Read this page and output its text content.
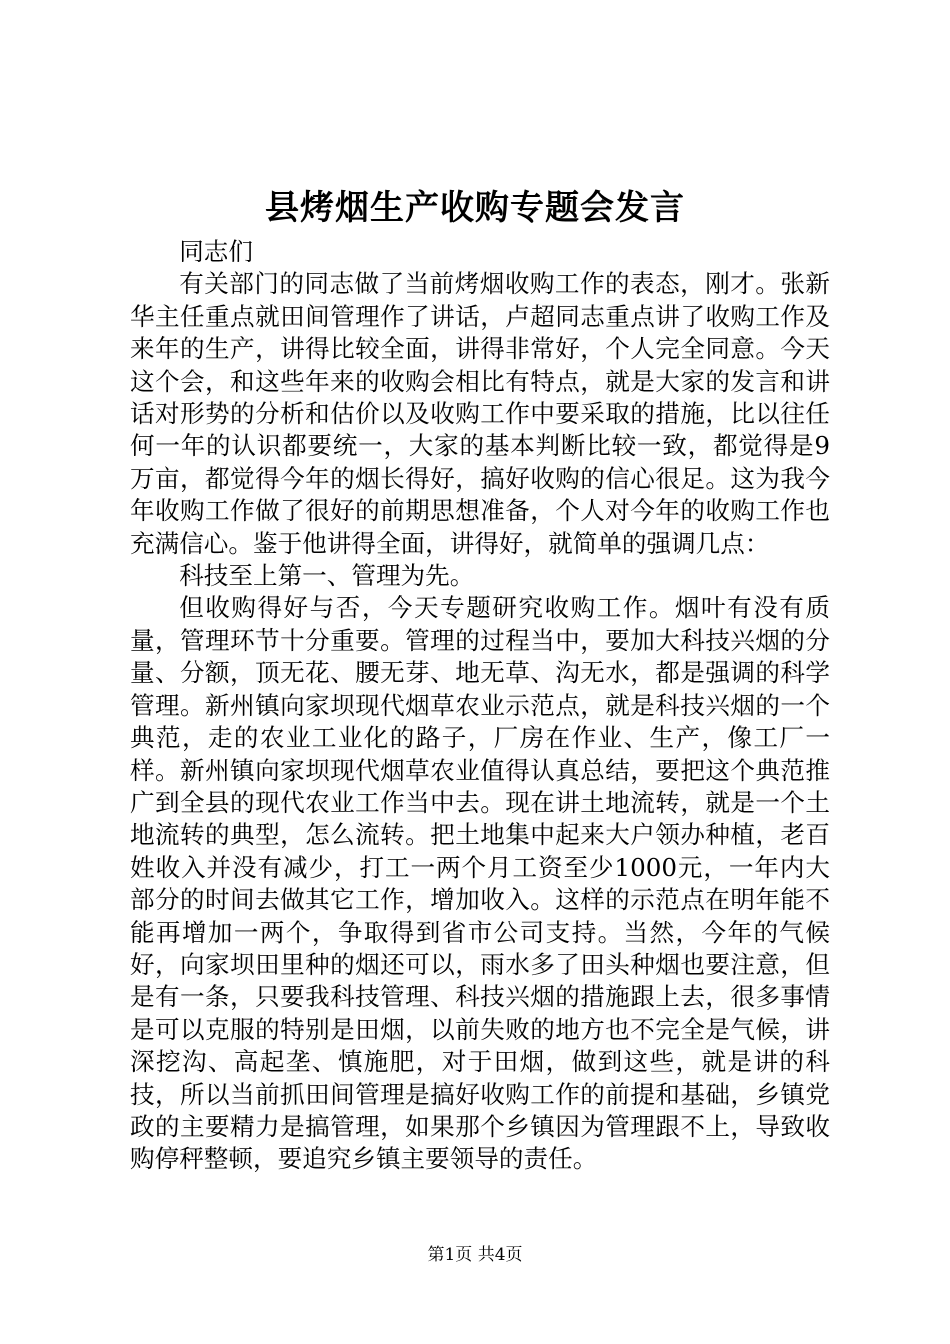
县烤烟生产收购专题会发言

同志们

有关部门的同志做了当前烤烟收购工作的表态，刚才。张新华主任重点就田间管理作了讲话，卢超同志重点讲了收购工作及来年的生产，讲得比较全面，讲得非常好，个人完全同意。今天这个会，和这些年来的收购会相比有特点，就是大家的发言和讲话对形势的分析和估价以及收购工作中要采取的措施，比以往任何一年的认识都要统一，大家的基本判断比较一致，都觉得是9万亩，都觉得今年的烟长得好，搞好收购的信心很足。这为我今年收购工作做了很好的前期思想准备，个人对今年的收购工作也充满信心。鉴于他讲得全面，讲得好，就简单的强调几点：

科技至上第一、管理为先。

但收购得好与否，今天专题研究收购工作。烟叶有没有质量，管理环节十分重要。管理的过程当中，要加大科技兴烟的分量、分额，顶无花、腰无芽、地无草、沟无水，都是强调的科学管理。新州镇向家坝现代烟草农业示范点，就是科技兴烟的一个典范，走的农业工业化的路子，厂房在作业、生产，像工厂一样。新州镇向家坝现代烟草农业值得认真总结，要把这个典范推广到全县的现代农业工作当中去。现在讲土地流转，就是一个土地流转的典型，怎么流转。把土地集中起来大户领办种植，老百姓收入并没有减少，打工一两个月工资至少1000元，一年内大部分的时间去做其它工作，增加收入。这样的示范点在明年能不能再增加一两个，争取得到省市公司支持。当然，今年的气候好，向家坝田里种的烟还可以，雨水多了田头种烟也要注意，但是有一条，只要我科技管理、科技兴烟的措施跟上去，很多事情是可以克服的特别是田烟，以前失败的地方也不完全是气候，讲深挖沟、高起垄、慎施肥，对于田烟，做到这些，就是讲的科技，所以当前抓田间管理是搞好收购工作的前提和基础，乡镇党政的主要精力是搞管理，如果那个乡镇因为管理跟不上，导致收购停秤整顿，要追究乡镇主要领导的责任。

第1页 共4页
